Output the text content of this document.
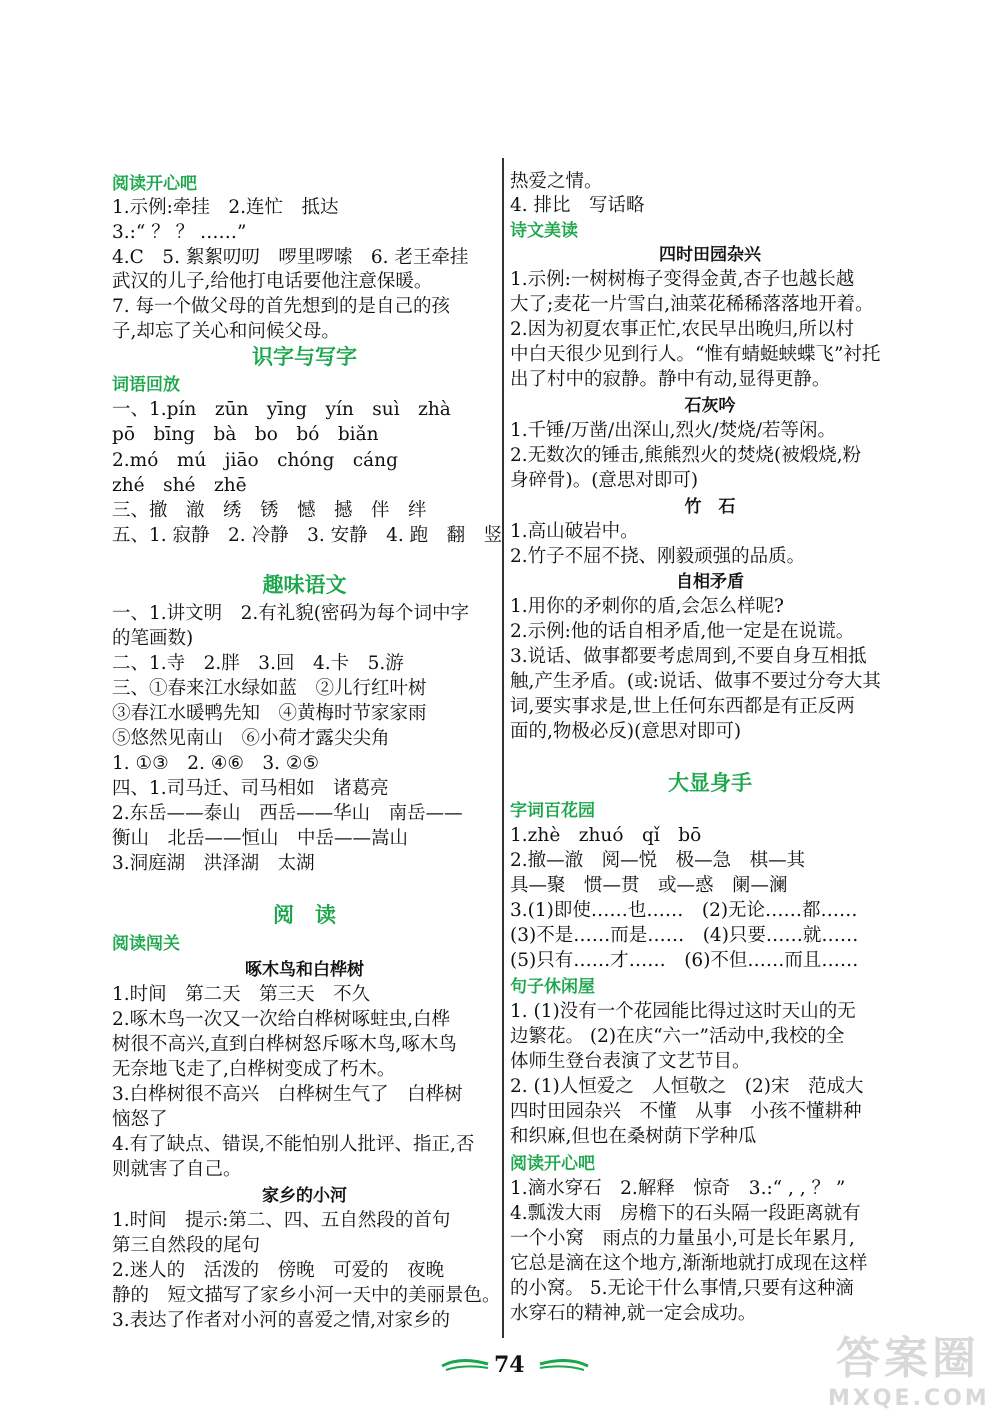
阅读开心吧
1.示例:牵挂　2.连忙　抵达
3.:“ ？ ？ ……”
4.C　5. 絮絮叨叨　啰里啰嗦　6. 老王牵挂
武汉的儿子,给他打电话要他注意保暖。
7. 每一个做父母的首先想到的是自己的孩
子,却忘了关心和问候父母。
识字与写字
词语回放
一、1.pín　zūn　yīng　yín　suì　zhà
pō　bīng　bà　bo　bó　biǎn
2.mó　mú　jiāo　chóng　cáng
zhé　shé　zhē
三、撤　澈　绣　锈　憾　撼　伴　绊
五、1. 寂静　2. 冷静　3. 安静　4. 跑　翻　竖
趣味语文
一、1.讲文明　2.有礼貌(密码为每个词中字
的笔画数)
二、1.寺　2.胖　3.回　4.卡　5.游
三、①春来江水绿如蓝　②儿行红叶树
③春江水暖鸭先知　④黄梅时节家家雨
⑤悠然见南山　⑥小荷才露尖尖角
1. ①③　2. ④⑥　3. ②⑤
四、1.司马迁、司马相如　诸葛亮
2.东岳——泰山　西岳——华山　南岳——
衡山　北岳——恒山　中岳——嵩山
3.洞庭湖　洪泽湖　太湖
阅　读
阅读闯关
啄木鸟和白桦树
1.时间　第二天　第三天　不久
2.啄木鸟一次又一次给白桦树啄蛀虫,白桦
树很不高兴,直到白桦树怒斥啄木鸟,啄木鸟
无奈地飞走了,白桦树变成了朽木。
3.白桦树很不高兴　白桦树生气了　白桦树
恼怒了
4.有了缺点、错误,不能怕别人批评、指正,否
则就害了自己。
家乡的小河
1.时间　提示:第二、四、五自然段的首句
第三自然段的尾句
2.迷人的　活泼的　傍晚　可爱的　夜晚
静的　短文描写了家乡小河一天中的美丽景色。
3.表达了作者对小河的喜爱之情,对家乡的
热爱之情。
4. 排比　写话略
诗文美读
四时田园杂兴
1.示例:一树树梅子变得金黄,杏子也越长越
大了;麦花一片雪白,油菜花稀稀落落地开着。
2.因为初夏农事正忙,农民早出晚归,所以村
中白天很少见到行人。“惟有蜻蜓蛱蝶飞”衬托
出了村中的寂静。静中有动,显得更静。
石灰吟
1.千锤/万凿/出深山,烈火/焚烧/若等闲。
2.无数次的锤击,熊熊烈火的焚烧(被煅烧,粉
身碎骨)。(意思对即可)
竹　石
1.高山破岩中。
2.竹子不屈不挠、刚毅顽强的品质。
自相矛盾
1.用你的矛刺你的盾,会怎么样呢?
2.示例:他的话自相矛盾,他一定是在说谎。
3.说话、做事都要考虑周到,不要自身互相抵
触,产生矛盾。(或:说话、做事不要过分夸大其
词,要实事求是,世上任何东西都是有正反两
面的,物极必反)(意思对即可)
大显身手
字词百花园
1.zhè　zhuó　qǐ　bō
2.撤—澈　阅—悦　极—急　棋—其
具—聚　惯—贯　或—惑　阑—澜
3.(1)即使……也……　(2)无论……都……
(3)不是……而是……　(4)只要……就……
(5)只有……才……　(6)不但……而且……
句子休闲屋
1. (1)没有一个花园能比得过这时天山的无
边繁花。 (2)在庆“六一”活动中,我校的全
体师生登台表演了文艺节目。
2. (1)人恒爱之　人恒敬之　(2)宋　范成大
四时田园杂兴　不懂　从事　小孩不懂耕种
和织麻,但也在桑树荫下学种瓜
阅读开心吧
1.滴水穿石　2.解释　惊奇　3.:“ , , ？ ”
4.瓢泼大雨　房檐下的石头隔一段距离就有
一个小窝　雨点的力量虽小,可是长年累月,
它总是滴在这个地方,渐渐地就打成现在这样
的小窝。 5.无论干什么事情,只要有这种滴
水穿石的精神,就一定会成功。
74	答案圈
MXQE.COM
